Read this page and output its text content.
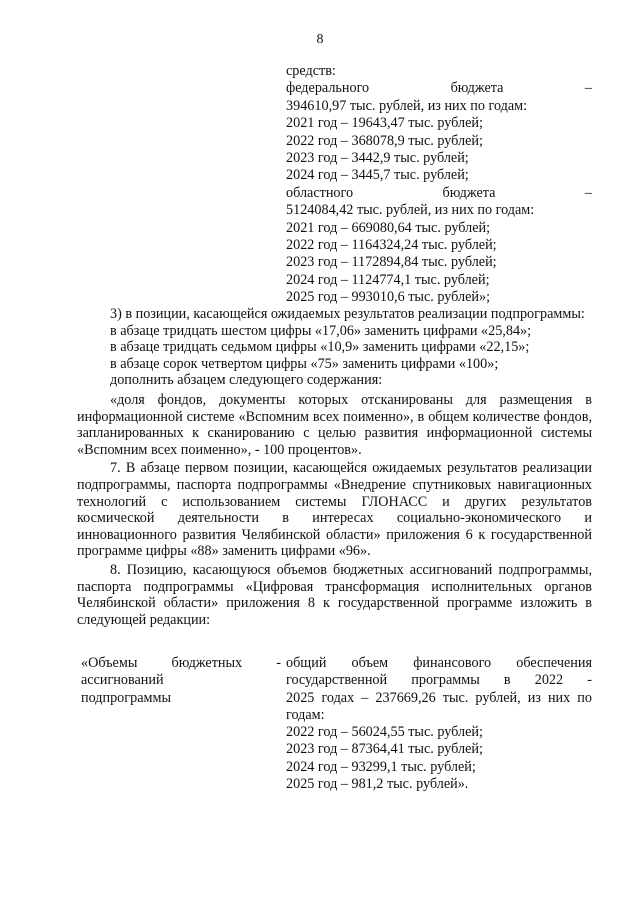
8
средств:
федерального бюджета –
394610,97 тыс. рублей, из них по годам:
2021 год – 19643,47 тыс. рублей;
2022 год – 368078,9 тыс. рублей;
2023 год – 3442,9 тыс. рублей;
2024 год – 3445,7 тыс. рублей;
областного бюджета –
5124084,42 тыс. рублей, из них по годам:
2021 год – 669080,64 тыс. рублей;
2022 год – 1164324,24 тыс. рублей;
2023 год – 1172894,84 тыс. рублей;
2024 год – 1124774,1 тыс. рублей;
2025 год – 993010,6 тыс. рублей»;
3) в позиции, касающейся ожидаемых результатов реализации подпрограммы:
в абзаце тридцать шестом цифры «17,06» заменить цифрами «25,84»;
в абзаце тридцать седьмом цифры «10,9» заменить цифрами «22,15»;
в абзаце сорок четвертом цифры «75» заменить цифрами «100»;
дополнить абзацем следующего содержания:
«доля фондов, документы которых отсканированы для размещения в информационной системе «Вспомним всех поименно», в общем количестве фондов, запланированных к сканированию с целью развития информационной системы «Вспомним всех поименно», - 100 процентов».
7. В абзаце первом позиции, касающейся ожидаемых результатов реализации подпрограммы, паспорта подпрограммы «Внедрение спутниковых навигационных технологий с использованием системы ГЛОНАСС и других результатов космической деятельности в интересах социально-экономического и инновационного развития Челябинской области» приложения 6 к государственной программе цифры «88» заменить цифрами «96».
8. Позицию, касающуюся объемов бюджетных ассигнований подпрограммы, паспорта подпрограммы «Цифровая трансформация исполнительных органов Челябинской области» приложения 8 к государственной программе изложить в следующей редакции:
«Объемы бюджетных -
ассигнований
подпрограммы
общий объем финансового обеспечения
государственной программы в 2022 -
2025 годах – 237669,26 тыс. рублей, из них по
годам:
2022 год – 56024,55 тыс. рублей;
2023 год – 87364,41 тыс. рублей;
2024 год – 93299,1 тыс. рублей;
2025 год – 981,2 тыс. рублей».
